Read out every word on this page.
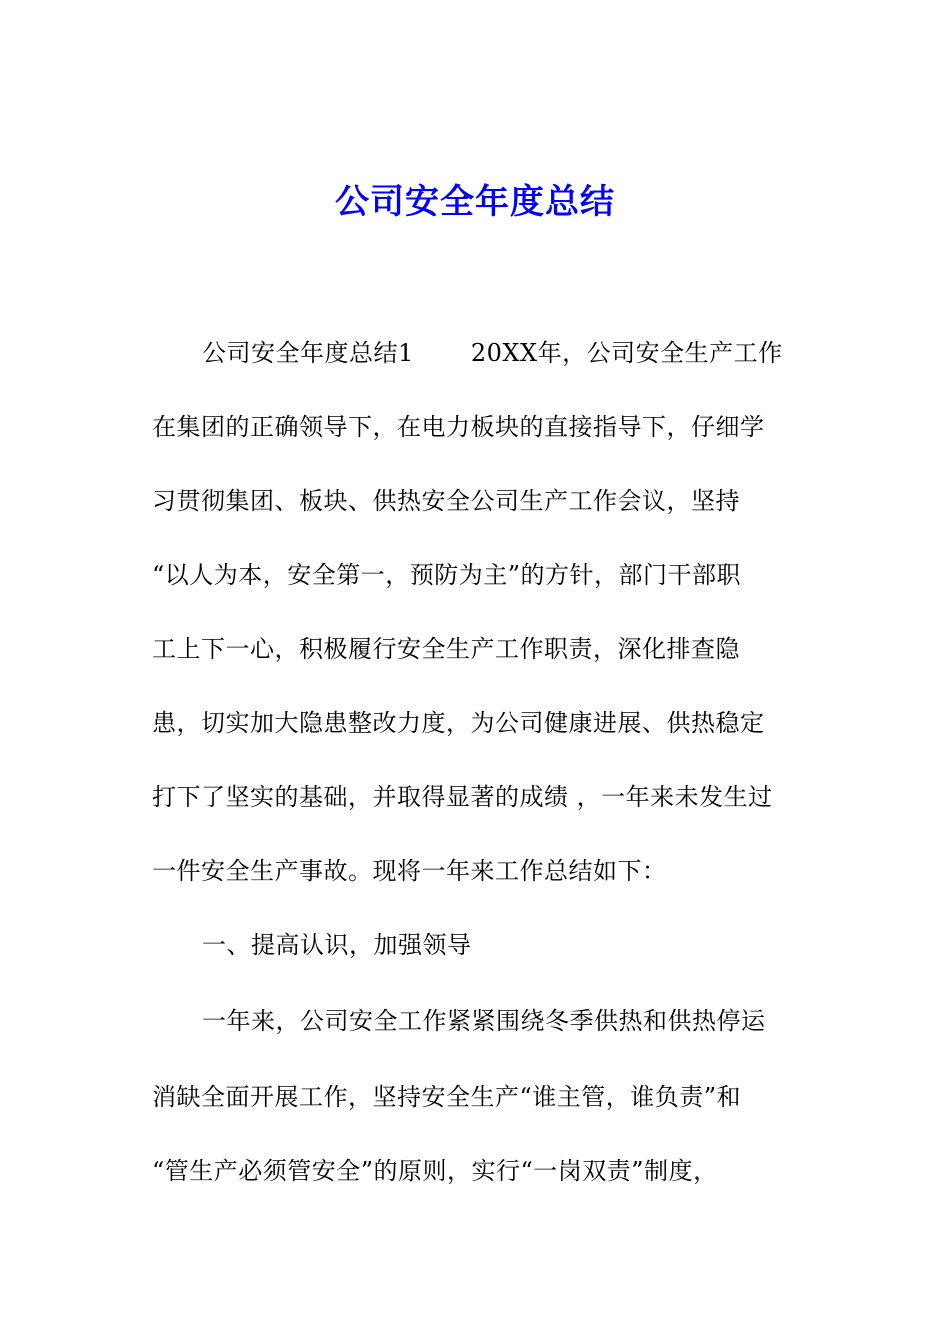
公司安全年度总结
公司安全年度总结1　　 20XX年，公司安全生产工作
在集团的正确领导下，在电力板块的直接指导下，仔细学
习贯彻集团、板块、供热安全公司生产工作会议，坚持
“以人为本，安全第一，预防为主”的方针，部门干部职
工上下一心，积极履行安全生产工作职责，深化排查隐
患，切实加大隐患整改力度，为公司健康进展、供热稳定
打下了坚实的基础，并取得显著的成绩 ，一年来未发生过
一件安全生产事故。现将一年来工作总结如下：
一、提高认识，加强领导
一年来，公司安全工作紧紧围绕冬季供热和供热停运
消缺全面开展工作，坚持安全生产“谁主管，谁负责”和
“管生产必须管安全”的原则，实行“一岗双责”制度，
